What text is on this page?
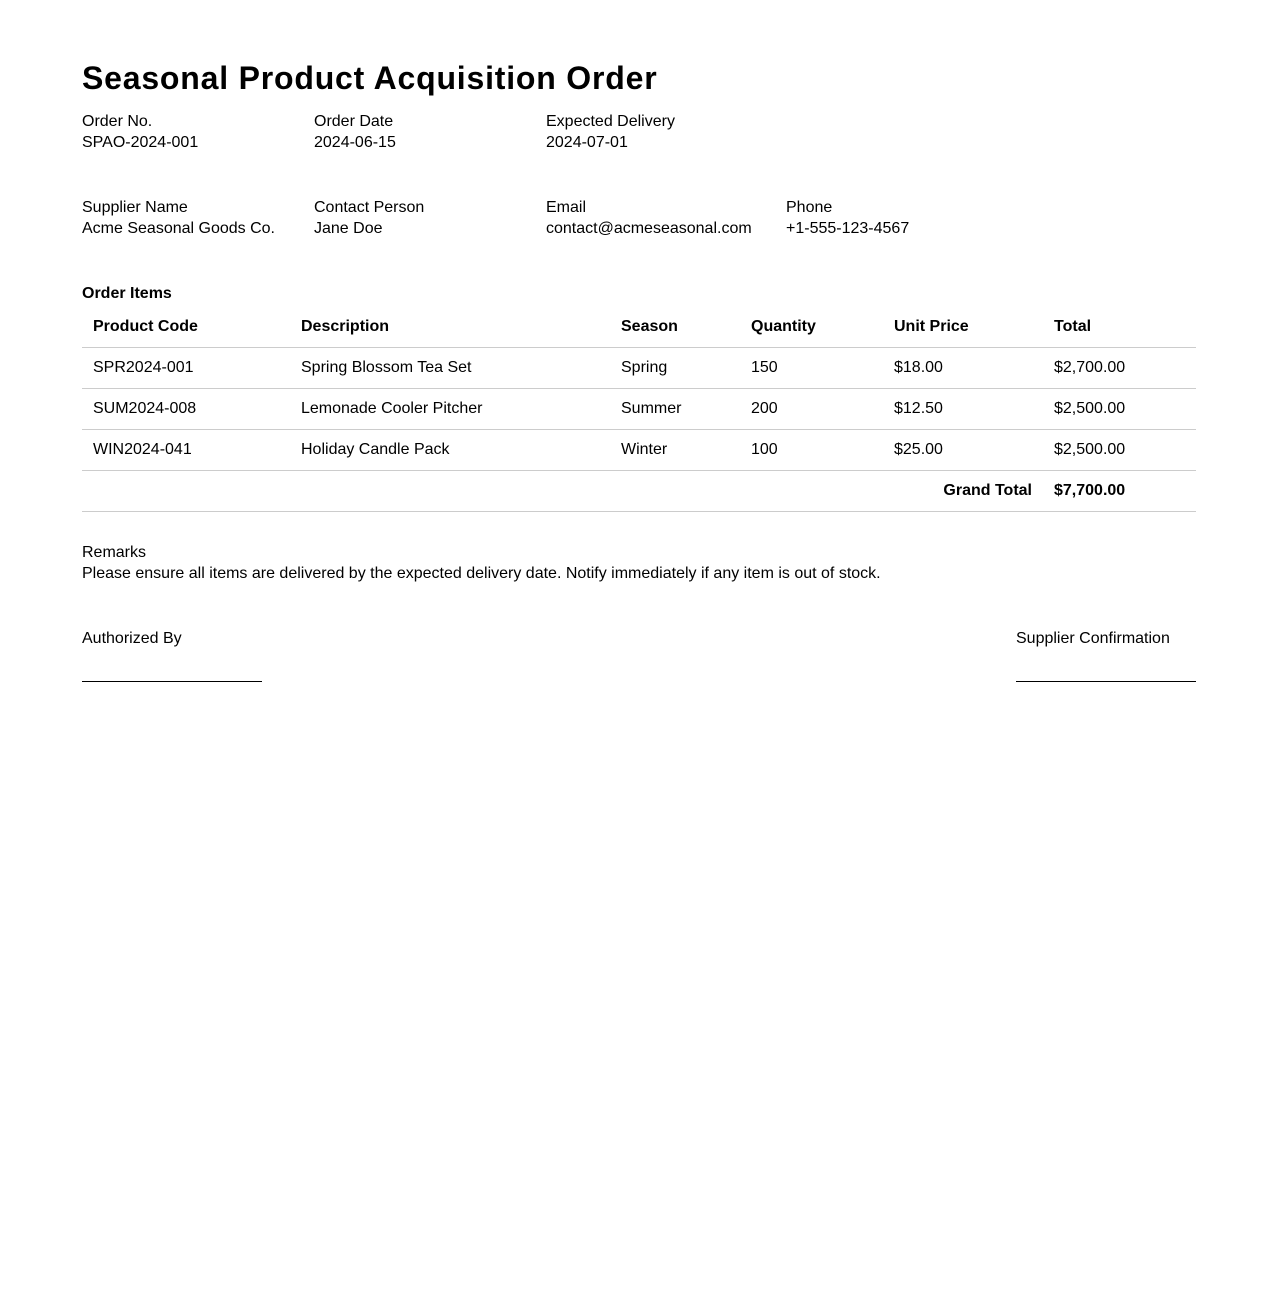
Seasonal Product Acquisition Order
Order No.
SPAO-2024-001
Order Date
2024-06-15
Expected Delivery
2024-07-01
Supplier Name
Acme Seasonal Goods Co.
Contact Person
Jane Doe
Email
contact@acmeseasonal.com
Phone
+1-555-123-4567
Order Items
Product Code	Description	Season	Quantity	Unit Price	Total
SPR2024-001	Spring Blossom Tea Set	Spring	150	$18.00	$2,700.00
SUM2024-008	Lemonade Cooler Pitcher	Summer	200	$12.50	$2,500.00
WIN2024-041	Holiday Candle Pack	Winter	100	$25.00	$2,500.00
Grand Total					$7,700.00
Remarks
Please ensure all items are delivered by the expected delivery date. Notify immediately if any item is out of stock.
Authorized By	Supplier Confirmation
